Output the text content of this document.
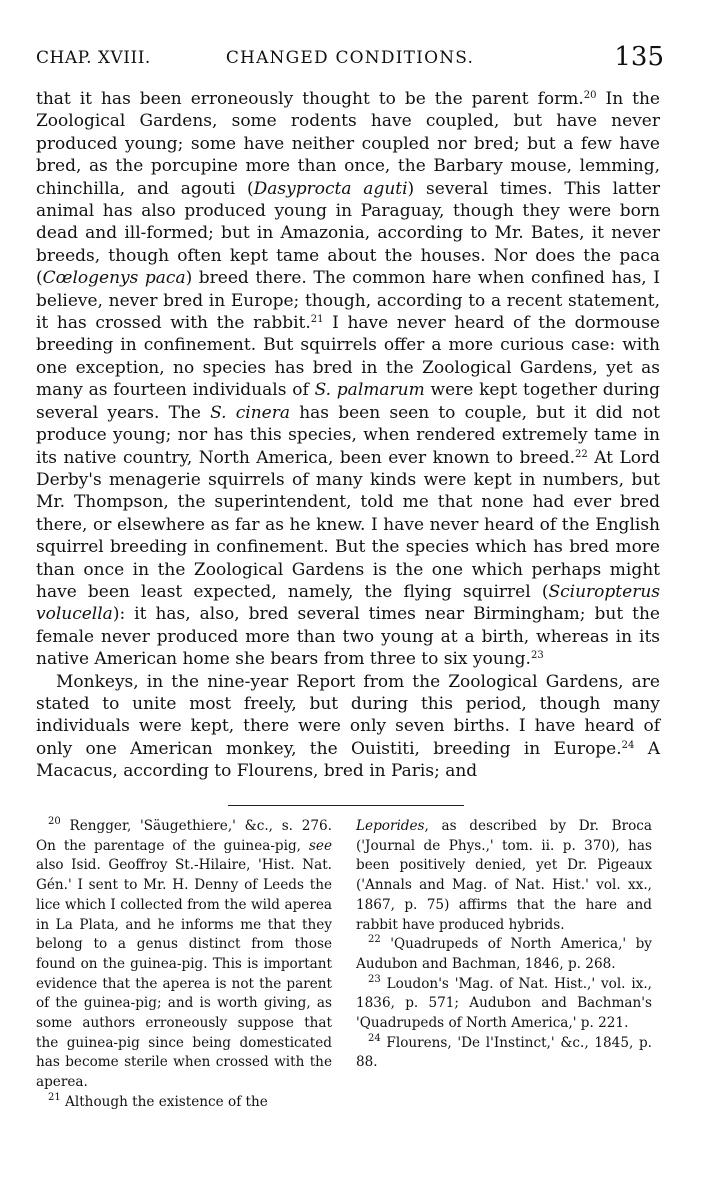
CHAP. XVIII.	CHANGED CONDITIONS.	135

that it has been erroneously thought to be the parent form.$^{20}$ In the Zoological Gardens, some rodents have coupled, but have never produced young; some have neither coupled nor bred; but a few have bred, as the porcupine more than once, the Barbary mouse, lemming, chinchilla, and agouti (Dasyprocta aguti) several times. This latter animal has also produced young in Paraguay, though they were born dead and ill-formed; but in Amazonia, according to Mr. Bates, it never breeds, though often kept tame about the houses. Nor does the paca (Cœlogenys paca) breed there. The common hare when confined has, I believe, never bred in Europe; though, according to a recent statement, it has crossed with the rabbit.$^{21}$ I have never heard of the dormouse breeding in confinement. But squirrels offer a more curious case: with one exception, no species has bred in the Zoological Gardens, yet as many as fourteen individuals of S. palmarum were kept together during several years. The S. cinera has been seen to couple, but it did not produce young; nor has this species, when rendered extremely tame in its native country, North America, been ever known to breed.$^{22}$ At Lord Derby's menagerie squirrels of many kinds were kept in numbers, but Mr. Thompson, the superintendent, told me that none had ever bred there, or elsewhere as far as he knew. I have never heard of the English squirrel breeding in confinement. But the species which has bred more than once in the Zoological Gardens is the one which perhaps might have been least expected, namely, the flying squirrel (Sciuropterus volucella): it has, also, bred several times near Birmingham; but the female never produced more than two young at a birth, whereas in its native American home she bears from three to six young.$^{23}$

Monkeys, in the nine-year Report from the Zoological Gardens, are stated to unite most freely, but during this period, though many individuals were kept, there were only seven births. I have heard of only one American monkey, the Ouistiti, breeding in Europe.$^{24}$ A Macacus, according to Flourens, bred in Paris; and

$^{20}$ Rengger, 'Säugethiere,' &c., s. 276. On the parentage of the guinea-pig, see also Isid. Geoffroy St.-Hilaire, 'Hist. Nat. Gén.' I sent to Mr. H. Denny of Leeds the lice which I collected from the wild aperea in La Plata, and he informs me that they belong to a genus distinct from those found on the guinea-pig. This is important evidence that the aperea is not the parent of the guinea-pig; and is worth giving, as some authors erroneously suppose that the guinea-pig since being domesticated has become sterile when crossed with the aperea.

$^{21}$ Although the existence of the

Leporides, as described by Dr. Broca ('Journal de Phys.,' tom. ii. p. 370), has been positively denied, yet Dr. Pigeaux ('Annals and Mag. of Nat. Hist.' vol. xx., 1867, p. 75) affirms that the hare and rabbit have produced hybrids.

$^{22}$ 'Quadrupeds of North America,' by Audubon and Bachman, 1846, p. 268.

$^{23}$ Loudon's 'Mag. of Nat. Hist.,' vol. ix., 1836, p. 571; Audubon and Bachman's 'Quadrupeds of North America,' p. 221.

$^{24}$ Flourens, 'De l'Instinct,' &c., 1845, p. 88.
